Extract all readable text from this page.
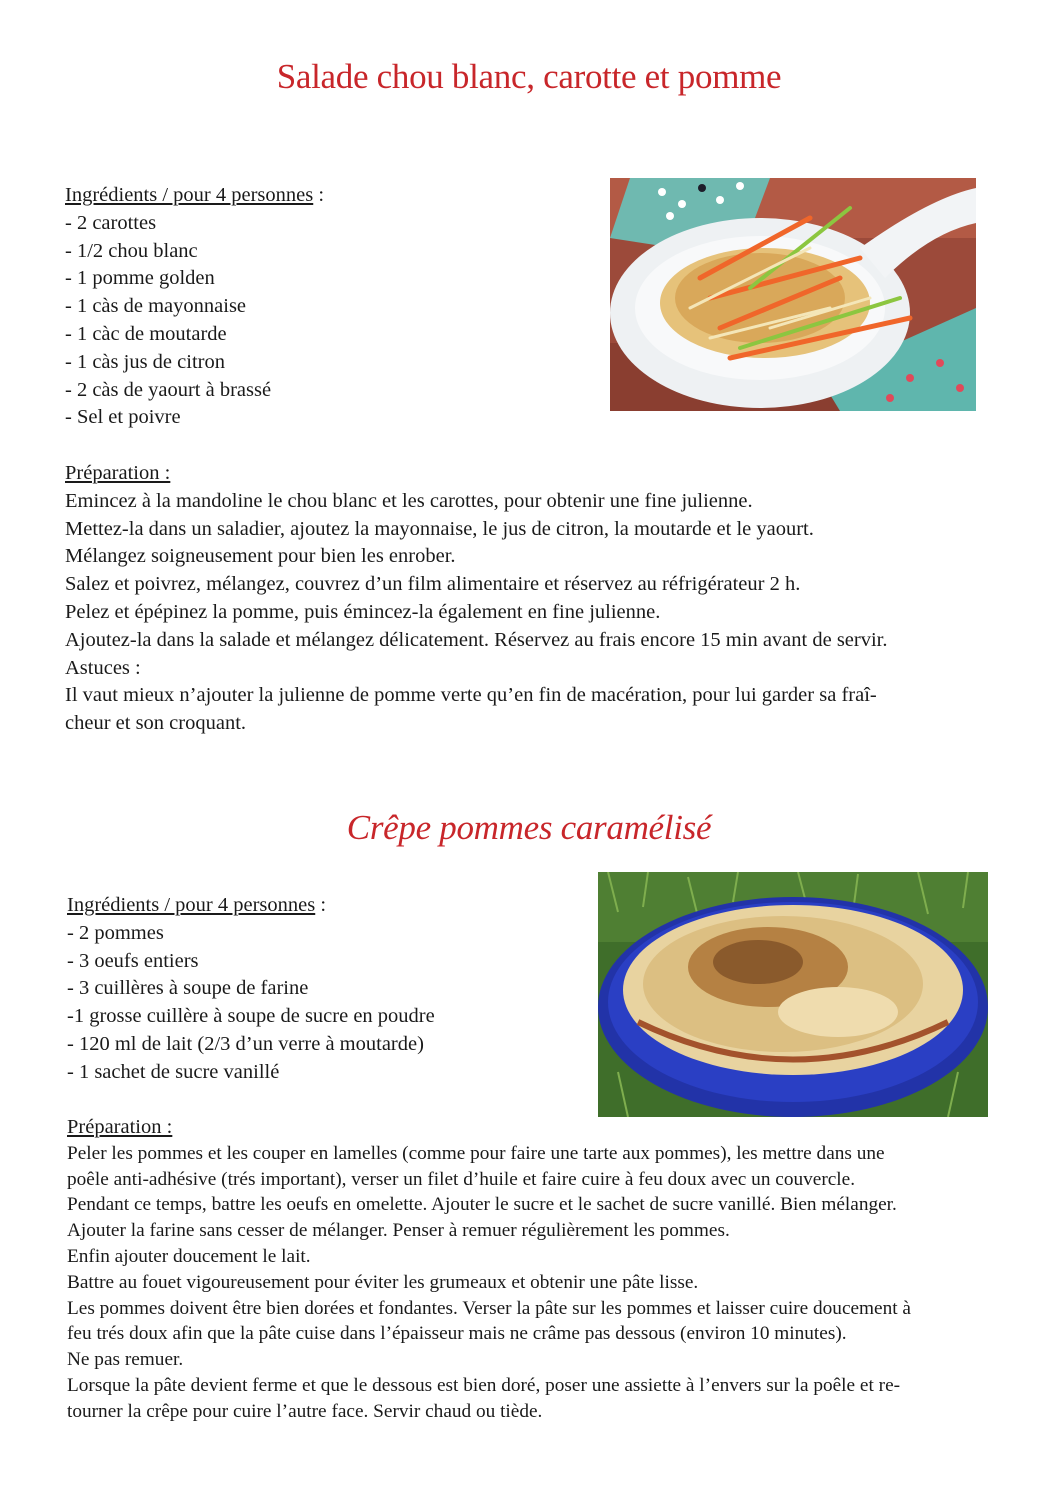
Salade chou blanc, carotte et pomme

Ingrédients / pour 4 personnes :

- 2 carottes

- 1/2 chou blanc

- 1 pomme golden

- 1 càs de mayonnaise

- 1 càc de moutarde

- 1 càs jus de citron

- 2 càs de yaourt à brassé

- Sel et poivre

Préparation :

Emincez à la mandoline le chou blanc et les carottes, pour obtenir une fine julienne.

Mettez-la dans un saladier, ajoutez la mayonnaise, le jus de citron, la moutarde et le yaourt.

Mélangez soigneusement pour bien les enrober.

Salez et poivrez, mélangez, couvrez d’un film alimentaire et réservez au réfrigérateur 2 h.

Pelez et épépinez la pomme, puis émincez-la également en fine julienne.

Ajoutez-la dans la salade et mélangez délicatement. Réservez au frais encore 15 min avant de servir.

Astuces :

Il vaut mieux n’ajouter la julienne de pomme verte qu’en fin de macération, pour lui garder sa fraî-

cheur et son croquant.

Crêpe pommes caramélisé

Ingrédients / pour 4 personnes :

- 2 pommes

- 3 oeufs entiers

- 3 cuillères à soupe de farine

-1 grosse cuillère à soupe de sucre en poudre

- 120 ml de lait (2/3 d’un verre à moutarde)

- 1 sachet de sucre vanillé

Préparation :

Peler les pommes et les couper en lamelles (comme pour faire une tarte aux pommes), les mettre dans une

poêle anti-adhésive (trés important), verser un filet d’huile et faire cuire à feu doux avec un couvercle.

Pendant ce temps, battre les oeufs en omelette. Ajouter le sucre et le sachet de sucre vanillé. Bien mélanger.

Ajouter la farine sans cesser de mélanger. Penser à remuer régulièrement les pommes.

Enfin ajouter doucement le lait.

Battre au fouet vigoureusement pour éviter les grumeaux et obtenir une pâte lisse.

Les pommes doivent être bien dorées et fondantes. Verser la pâte sur les pommes et laisser cuire doucement à

feu trés doux afin que la pâte cuise dans l’épaisseur mais ne crâme pas dessous (environ 10 minutes).

Ne pas remuer.

Lorsque la pâte devient ferme et que le dessous est bien doré, poser une assiette à l’envers sur la poêle et re-

tourner la crêpe pour cuire l’autre face. Servir chaud ou tiède.
